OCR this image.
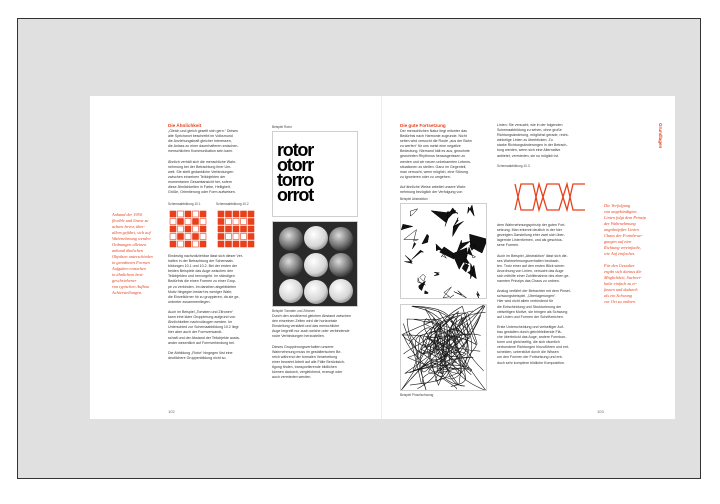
Die Ähnlichkeit
„Gleich und gleich gesellt sich gern.“ Dieses
alte Sprichwort beschreibt im Volksmund
die Anziehungskraft gleicher Interessen,
die Anlass zu einer dauerhafteren zwischen-
menschlichen Kommunikation sein kann.

Ähnlich verhält sich die menschliche Wahr-
nehmung bei der Betrachtung ihrer Um-
welt. Sie stellt gedankliche Verbindungen
zwischen einzelnen Teilobjekten der
momentanen Gesamtansicht her, sofern
diese Ähnlichkeiten in Farbe, Helligkeit,
Größe, Orientierung oder Form aufweisen.
Schemaabbildung 10.1	Schemaabbildung 10.2
Eindeutig nachvollziehbar lässt sich dieser Ver-
halten in der Betrachtung der Schemaab-
bildungen 10.1 und 10.2. Bei der ersten der
beiden Beispiele das Auge zwischen den
Teilobjekten und hervorgeht. Im ständigen
Bedürfnis die einen Formen zu einer Grup-
pe zu verbinden. Im daneben abgebildeten
Motiv hingegen bedarf es weniger Wahr,
die Einzelkörner hir zu gruppieren, da sie ge-
ordneter zusammenliegen.

Auch im Beispiel „Tomaten und Zitronen“
kann eine klare Gruppierung aufgrund von
Ähnlichkeiten nachvollzogen werden. Im
Unterschied zur Schemaabbildung 10.2 liegt
hier aber auch der Formverwandt-
schaft und der Abstand der Teilobjekte austa-
ander wesentlich auf Formverbindung bei.

Die Abbildung „Rotor“ hingegen löst eine
deutlichere Gruppenbildung nicht so.
Anhand der 1950
flexible und linear zu
achten bevor, über-
allem geführt, sich auf
Wahrnehmung werden
Ordnungen alleinen
anhand ähnlichen
Objekten unterschieden
in geordnetes Formen
Aufgaben entstehen
in ähnlichem best-
geschriebener
von typischen Aufbau
Achterstellungen.
Beispiel Rotor
rotor
otorr
torro
orrot
Beispiel Tomaten und Zitronen
Durch den annähernd gleichen Abstand zwischen
den einzelnen Zeilen wird die horizontale
Einstellung verstärkt und das menschliche
Auge begreift nur auch welche oder verbindende
route Verbindungen herzustellen.

Dieses Gruppierungsverhalten unserer
Wahrnehmung muss im gestalterischen Be-
reich während der formalen Verarbeitung
einer bewahrt Arbeit auf alle Fälle Berücksich-
tigung finden, transportierende bildlichen
können dadurch, vergleichend, erzeugt oder
auch vermieden werden.
102
Grundlagen
Die gute Fortsetzung
Der menschlichen Natur liegt mitunter das
Bedürfnis nach Harmonie zugrunde. Nicht
selten wird versucht die Route „aus der Bahn
zu werfen“ für uns meist eine negative
Bedeutung. Niemand hält es aus, gewohnte
gewohnten Rhythmus herausgerissen zu
werden und wir neuen unbekannten Lebens-
situationen zu stellen. Ganz im Gegenteil,
man versucht, wenn möglich, eine Störung
zu ignorieren oder zu umgehen.

Auf ähnliche Weise arbeitet unsere Wahr-
nehmung bezüglich der Verfolgung von
Beispiel Abstraktion
Beispiel Pinselschwung
Linien: Sie versucht, wie in der folgenden
Schemaabbildung zu sehen, ohne große
Richtungsänderung, möglichst gerade, recht-
winkelige Linien zu überblicken. Zu
starke Richtungsänderungen in der Betrach-
tung werden, wenn sich eine Alternative
anbietet, vermieden, sie so möglich ist.
Schemaabbildung 10.3
dem Wahrnehmungsprinzip der guten Fort-
setzung. Man erkennt deutlich in der hier
gezeigten Darstellung eher zwei sich über-
lagernde Linienformen, und als geschlos-
sene Formen.

Auch im Beispiel „Abstraktion“ lässt sich die-
ses Wahrnehmungsverhalten beobach-
ten. Trotz einer auf den ersten Blick wirren
Anordnung von Linien, versucht das Auge
sich mithilfe einer Zuhilfenahme des eben ge-
nannten Prinzips das Chaos zu ordnen.

Analog verfährt der Betrachter mit dem Pinsel-
schwungsbeispiel. „Überlagerungen“.
Hier wird nicht allein verbindend für
die Entscheidung und Strukturierung der
vielseitigen Motive, sie bringen als Schwung
auf Linien und Formen der Schriftzeichen.

Erste Unterscheidung und vielseitiger Auf-
bau gestalten durch gleichbleibende Flä-
che überbrückt das Auge, andere Formkon-
turen und gleichzeitig, die sich räumlich
verbundene Richtungen hinzuführen und ent-
scheiden, unterstützt durch die Wissen
um den Formen der Fortsetzung und ent-
doch sehr komplexe bildliche Komposition.
Die Verfolgung
von angekündigten
Linien folgt dem Prinzip
der Wahrnehmung
angeknüpfter Linien
Chaos der Formbewe-
gungen auf eine
Richtung vereinfacht,
wie Auf einfaches.

Für den Gestalter
ergibt sich daraus die
Möglichkeit, Sachver-
halte einfach zu er-
fassen und dadurch
als ein Schwung
vor Ort zu ordnen.
103
